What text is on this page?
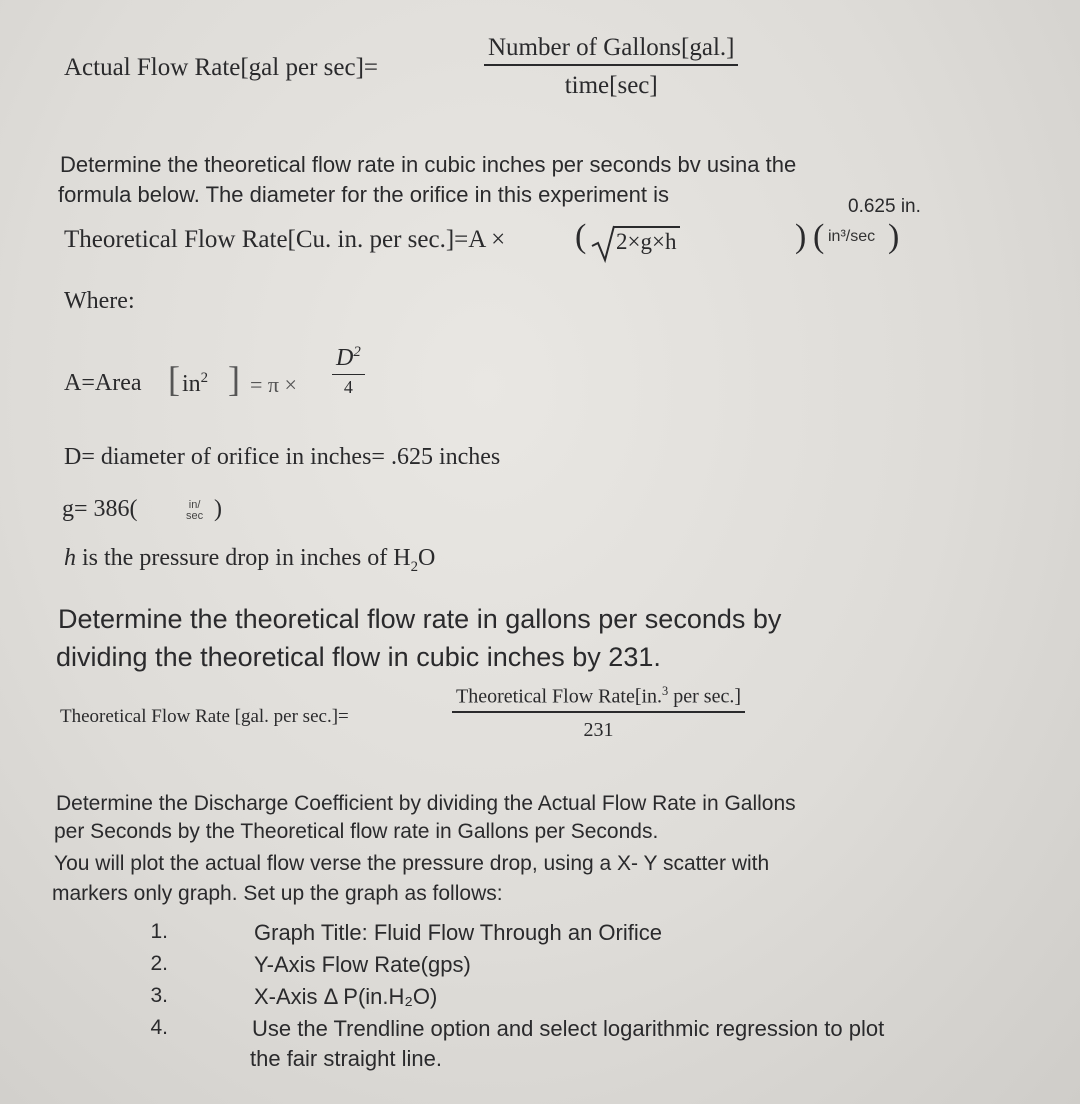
Actual Flow Rate[gal per sec]=
Number of Gallons[gal.]
time[sec]
Determine the theoretical flow rate in cubic inches per seconds bv usina the
formula below. The diameter for the orifice in this experiment is	0.625 in.
Theoretical Flow Rate[Cu. in. per sec.]=A × ( 2×g×h	) ( in³/sec )
Where:
A=Area [ $in^2$ ] = π ×
$D^2$
4
D= diameter of orifice in inches= .625 inches
g= 386(	in/
sec )
h is the pressure drop in inches of $H_2O$
Determine the theoretical flow rate in gallons per seconds by
dividing the theoretical flow in cubic inches by 231.
Theoretical Flow Rate [gal. per sec.]=
Theoretical Flow Rate[in.$^3$ per sec.]
231
Determine the Discharge Coefficient by dividing the Actual Flow Rate in Gallons
per Seconds by the Theoretical flow rate in Gallons per Seconds.
You will plot the actual flow verse the pressure drop, using a X- Y scatter with
markers only graph. Set up the graph as follows:
1.	Graph Title: Fluid Flow Through an Orifice
2.	Y-Axis Flow Rate(gps)
3.	X-Axis Δ P(in.H₂O)
4.	Use the Trendline option and select logarithmic regression to plot
the fair straight line.
